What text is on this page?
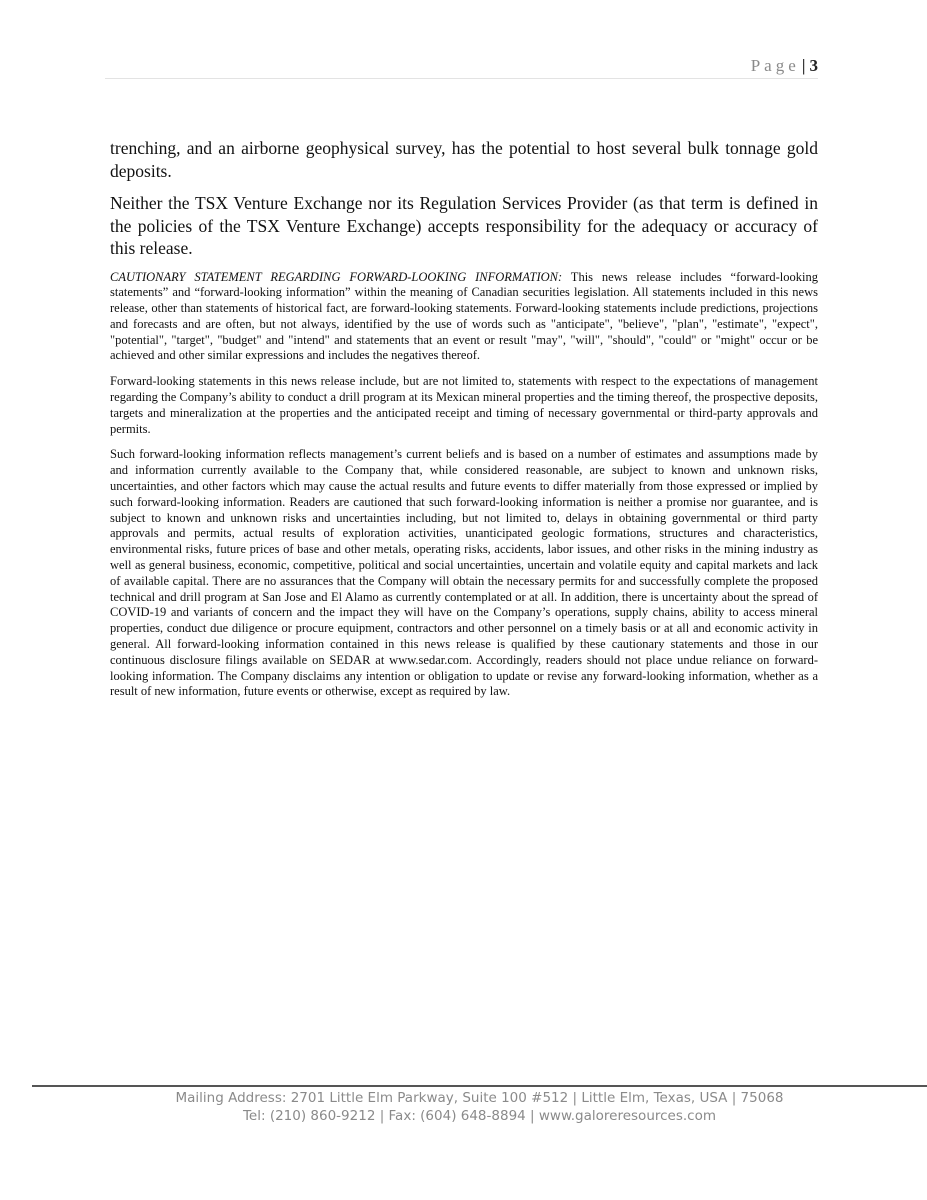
Page | 3

trenching, and an airborne geophysical survey, has the potential to host several bulk tonnage gold deposits.

Neither the TSX Venture Exchange nor its Regulation Services Provider (as that term is defined in the policies of the TSX Venture Exchange) accepts responsibility for the adequacy or accuracy of this release.

CAUTIONARY STATEMENT REGARDING FORWARD-LOOKING INFORMATION: This news release includes “forward-looking statements” and “forward-looking information” within the meaning of Canadian securities legislation. All statements included in this news release, other than statements of historical fact, are forward-looking statements. Forward-looking statements include predictions, projections and forecasts and are often, but not always, identified by the use of words such as "anticipate", "believe", "plan", "estimate", "expect", "potential", "target", "budget" and "intend" and statements that an event or result "may", "will", "should", "could" or "might" occur or be achieved and other similar expressions and includes the negatives thereof.

Forward-looking statements in this news release include, but are not limited to, statements with respect to the expectations of management regarding the Company’s ability to conduct a drill program at its Mexican mineral properties and the timing thereof, the prospective deposits, targets and mineralization at the properties and the anticipated receipt and timing of necessary governmental or third-party approvals and permits.

Such forward-looking information reflects management’s current beliefs and is based on a number of estimates and assumptions made by and information currently available to the Company that, while considered reasonable, are subject to known and unknown risks, uncertainties, and other factors which may cause the actual results and future events to differ materially from those expressed or implied by such forward-looking information. Readers are cautioned that such forward-looking information is neither a promise nor guarantee, and is subject to known and unknown risks and uncertainties including, but not limited to, delays in obtaining governmental or third party approvals and permits, actual results of exploration activities, unanticipated geologic formations, structures and characteristics, environmental risks, future prices of base and other metals, operating risks, accidents, labor issues, and other risks in the mining industry as well as general business, economic, competitive, political and social uncertainties, uncertain and volatile equity and capital markets and lack of available capital. There are no assurances that the Company will obtain the necessary permits for and successfully complete the proposed technical and drill program at San Jose and El Alamo as currently contemplated or at all. In addition, there is uncertainty about the spread of COVID-19 and variants of concern and the impact they will have on the Company’s operations, supply chains, ability to access mineral properties, conduct due diligence or procure equipment, contractors and other personnel on a timely basis or at all and economic activity in general. All forward-looking information contained in this news release is qualified by these cautionary statements and those in our continuous disclosure filings available on SEDAR at www.sedar.com. Accordingly, readers should not place undue reliance on forward-looking information. The Company disclaims any intention or obligation to update or revise any forward-looking information, whether as a result of new information, future events or otherwise, except as required by law.

Mailing Address: 2701 Little Elm Parkway, Suite 100 #512 | Little Elm, Texas, USA | 75068
Tel: (210) 860-9212 | Fax: (604) 648-8894 | www.galoreresources.com
